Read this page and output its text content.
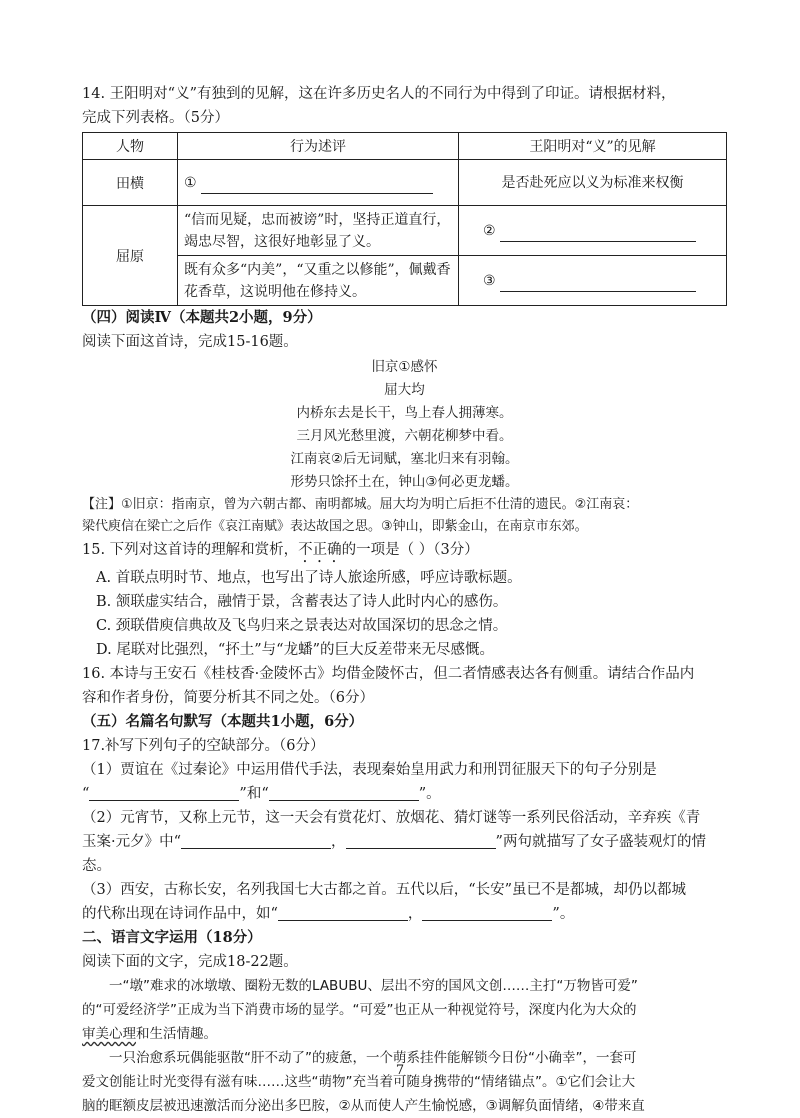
14. 王阳明对“义”有独到的见解，这在许多历史名人的不同行为中得到了印证。请根据材料，

完成下列表格。（5分）

人物	行为述评	王阳明对“义”的见解
田横	①	是否赴死应以义为标准来权衡
屈原	“信而见疑，忠而被谤”时，坚持正道直行，竭忠尽智，这很好地彰显了义。	②

	既有众多“内美”，“又重之以修能”，佩戴香花香草，这说明他在修持义。	③

（四）阅读Ⅳ（本题共2小题，9分）

阅读下面这首诗，完成15-16题。

旧京①感怀

屈大均

内桥东去是长干，鸟上春人拥薄寒。

三月风光愁里渡，六朝花柳梦中看。

江南哀②后无词赋，塞北归来有羽翰。

形势只馀抔土在，钟山③何必更龙蟠。

【注】①旧京：指南京，曾为六朝古都、南明都城。屈大均为明亡后拒不仕清的遗民。②江南哀：

梁代庾信在梁亡之后作《哀江南赋》表达故国之思。③钟山，即紫金山，在南京市东郊。

15. 下列对这首诗的理解和赏析，不正确的一项是（ ）（3分）

A. 首联点明时节、地点，也写出了诗人旅途所感，呼应诗歌标题。

B. 颔联虚实结合，融情于景，含蓄表达了诗人此时内心的感伤。

C. 颈联借庾信典故及飞鸟归来之景表达对故国深切的思念之情。

D. 尾联对比强烈，“抔土”与“龙蟠”的巨大反差带来无尽感慨。

16. 本诗与王安石《桂枝香·金陵怀古》均借金陵怀古，但二者情感表达各有侧重。请结合作品内

容和作者身份，简要分析其不同之处。（6分）

（五）名篇名句默写（本题共1小题，6分）

17.补写下列句子的空缺部分。（6分）

（1）贾谊在《过秦论》中运用借代手法，表现秦始皇用武力和刑罚征服天下的句子分别是

“	”和“	”。

（2）元宵节，又称上元节，这一天会有赏花灯、放烟花、猜灯谜等一系列民俗活动，辛弃疾《青

玉案·元夕》中“	，	”两句就描写了女子盛装观灯的情态。

（3）西安，古称长安，名列我国七大古都之首。五代以后，“长安”虽已不是都城，却仍以都城

的代称出现在诗词作品中，如“	，	”。

二、语言文字运用（18分）

阅读下面的文字，完成18-22题。

一“墩”难求的冰墩墩、圈粉无数的LABUBU、层出不穷的国风文创……主打“万物皆可爱”

的“可爱经济学”正成为当下消费市场的显学。“可爱”也正从一种视觉符号，深度内化为大众的

审美心理和生活情趣。

一只治愈系玩偶能驱散“肝不动了”的疲惫，一个萌系挂件能解锁今日份“小确幸”，一套可

爱文创能让时光变得有滋有味……这些“萌物”充当着可随身携带的“情绪锚点”。①它们会让大

脑的眶额皮层被迅速激活而分泌出多巴胺，②从而使人产生愉悦感，③调解负面情绪，④带来直

7
